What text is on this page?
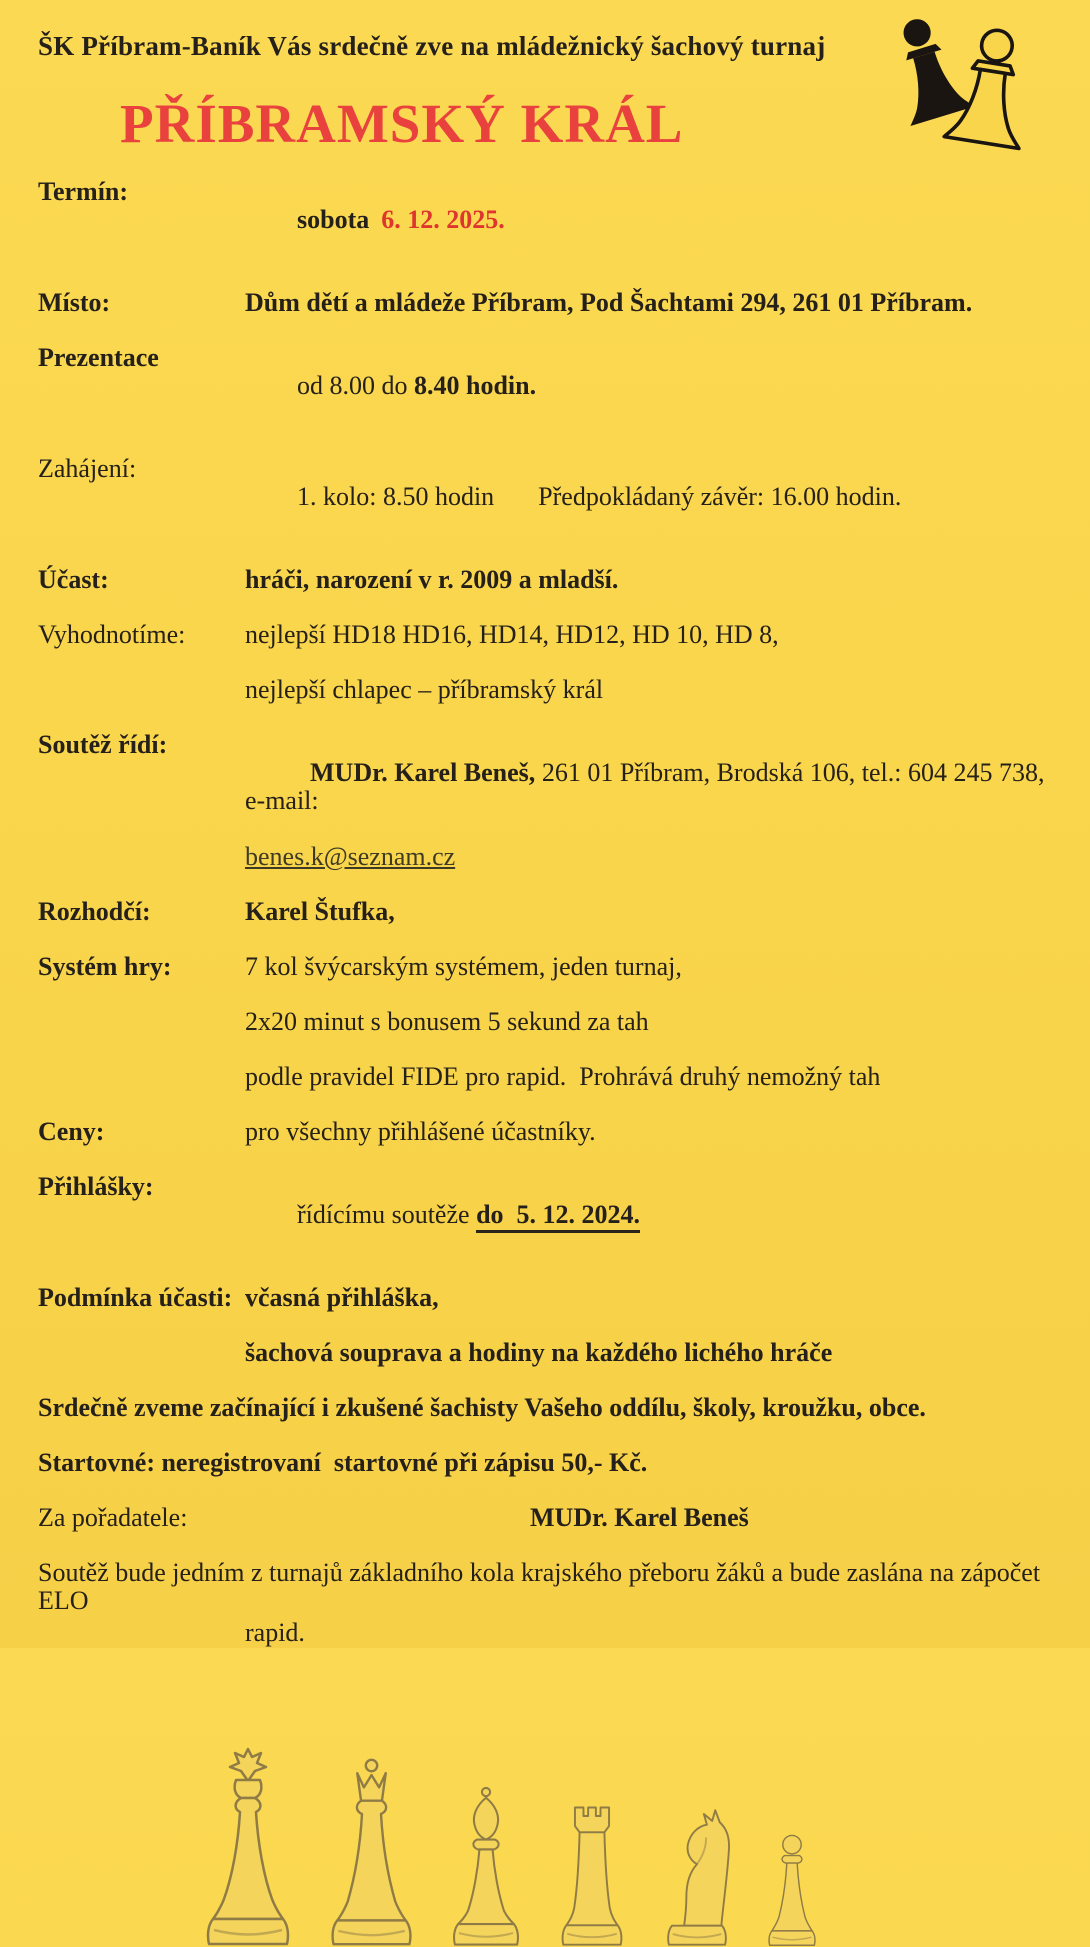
ŠK Příbram-Baník Vás srdečně zve na mládežnický šachový turnaj
PŘÍBRAMSKÝ KRÁL
Termín:

sobota 6. 12. 2025.

Místo:	Dům dětí a mládeže Příbram, Pod Šachtami 294, 261 01 Příbram.
Prezentace

od 8.00 do 8.40 hodin.

Zahájení:

1. kolo: 8.50 hodin Předpokládaný závěr: 16.00 hodin.

Účast:	hráči, narození v r. 2009 a mladší.
Vyhodnotíme:	nejlepší HD18 HD16, HD14, HD12, HD 10, HD 8,
nejlepší chlapec – příbramský král
Soutěž řídí:

MUDr. Karel Beneš, 261 01 Příbram, Brodská 106, tel.: 604 245 738, e-mail:

benes.k@seznam.cz
Rozhodčí:	Karel Štufka,
Systém hry:	7 kol švýcarským systémem, jeden turnaj,
2x20 minut s bonusem 5 sekund za tah
podle pravidel FIDE pro rapid.  Prohrává druhý nemožný tah
Ceny:	pro všechny přihlášené účastníky.
Přihlášky:

řídícímu soutěže do  5. 12. 2024.

Podmínka účasti: včasná přihláška,
šachová souprava a hodiny na každého lichého hráče
Srdečně zveme začínající i zkušené šachisty Vašeho oddílu, školy, kroužku, obce.
Startovné: neregistrovaní  startovné při zápisu 50,- Kč.
Za pořadatele:	MUDr. Karel Beneš
Soutěž bude jedním z turnajů základního kola krajského přeboru žáků a bude zaslána na zápočet ELO
rapid.
